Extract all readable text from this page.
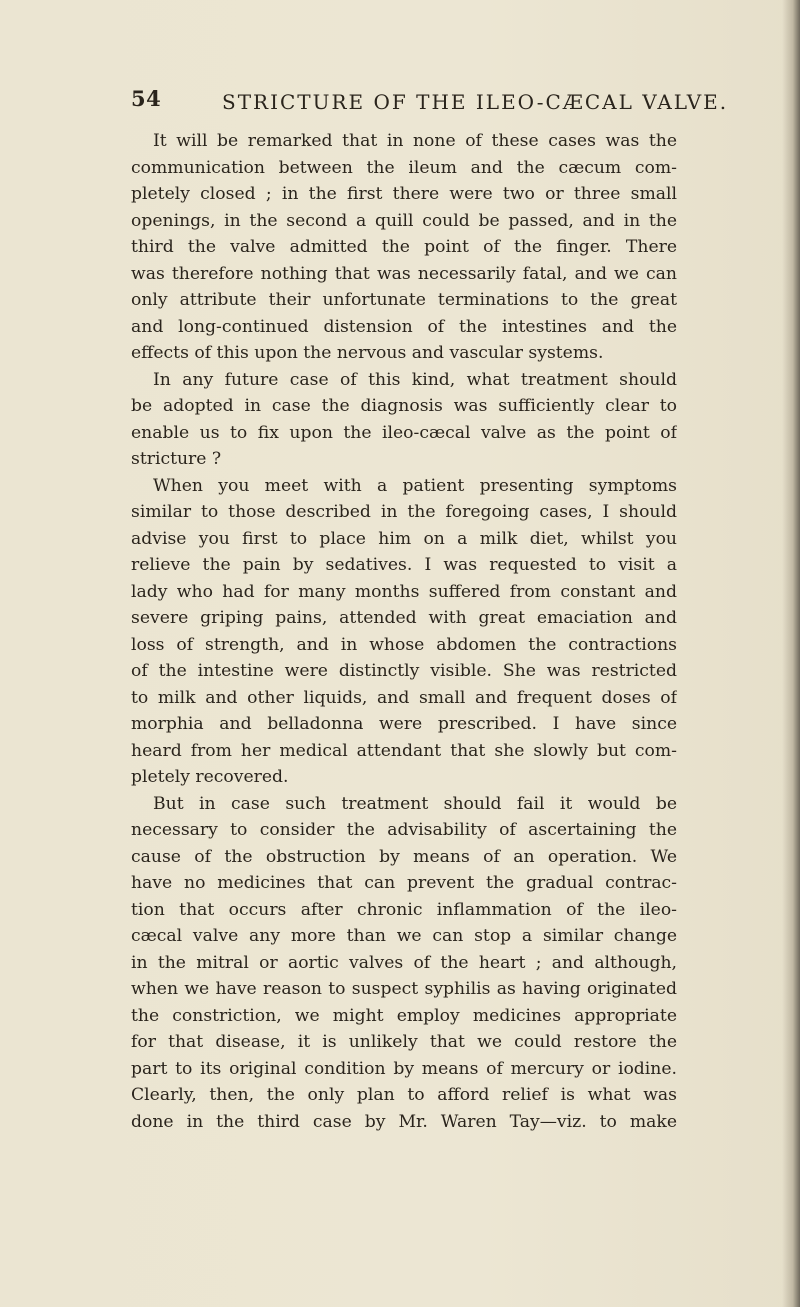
54	STRICTURE OF THE ILEO-CÆCAL VALVE.
It will be remarked that in none of these cases was the
communication between the ileum and the cæcum com-
pletely closed ; in the first there were two or three small
openings, in the second a quill could be passed, and in the
third the valve admitted the point of the finger. There
was therefore nothing that was necessarily fatal, and we can
only attribute their unfortunate terminations to the great
and long-continued distension of the intestines and the
effects of this upon the nervous and vascular systems.
In any future case of this kind, what treatment should
be adopted in case the diagnosis was sufficiently clear to
enable us to fix upon the ileo-cæcal valve as the point of
stricture ?
When you meet with a patient presenting symptoms
similar to those described in the foregoing cases, I should
advise you first to place him on a milk diet, whilst you
relieve the pain by sedatives. I was requested to visit a
lady who had for many months suffered from constant and
severe griping pains, attended with great emaciation and
loss of strength, and in whose abdomen the contractions
of the intestine were distinctly visible. She was restricted
to milk and other liquids, and small and frequent doses of
morphia and belladonna were prescribed. I have since
heard from her medical attendant that she slowly but com-
pletely recovered.
But in case such treatment should fail it would be
necessary to consider the advisability of ascertaining the
cause of the obstruction by means of an operation. We
have no medicines that can prevent the gradual contrac-
tion that occurs after chronic inflammation of the ileo-
cæcal valve any more than we can stop a similar change
in the mitral or aortic valves of the heart ; and although,
when we have reason to suspect syphilis as having originated
the constriction, we might employ medicines appropriate
for that disease, it is unlikely that we could restore the
part to its original condition by means of mercury or iodine.
Clearly, then, the only plan to afford relief is what was
done in the third case by Mr. Waren Tay—viz. to make
